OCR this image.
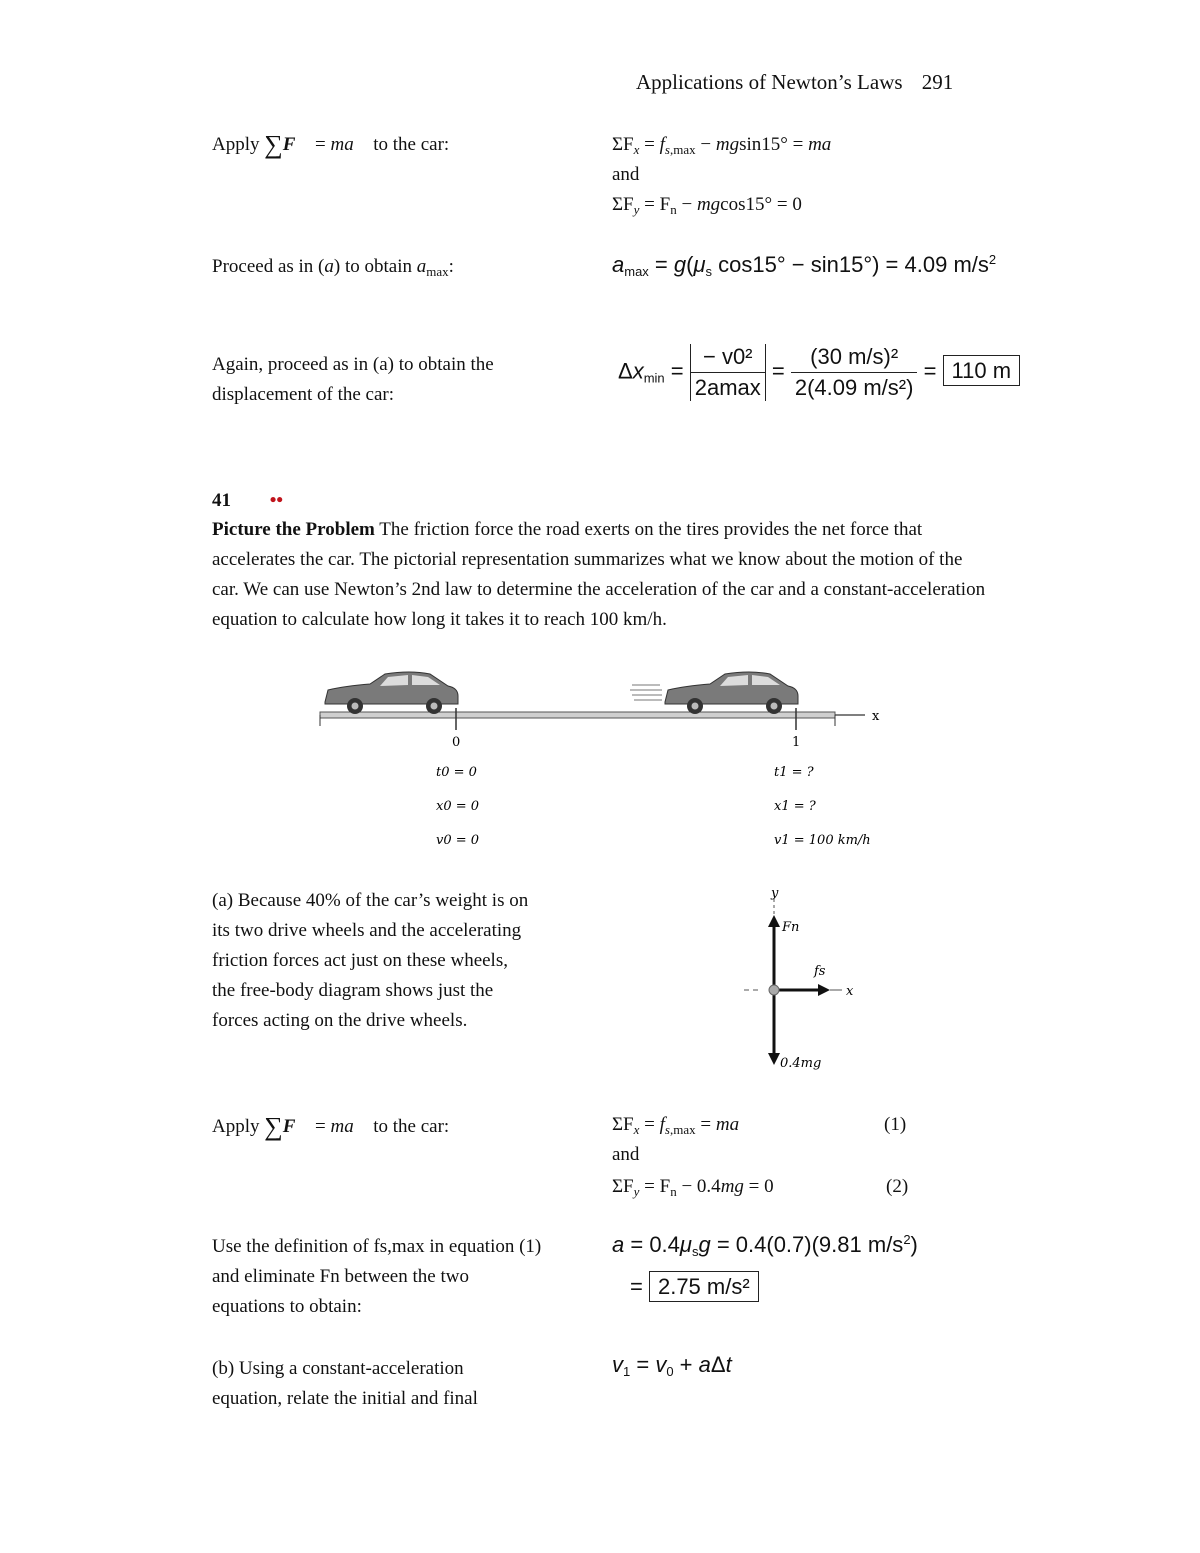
Applications of Newton’s Laws 291
Apply ∑F⃗ = ma⃗ to the car:	$\Sigma F_x = f_{s,max} - mgsin15^\circ$ = ma
and
$\Sigma F_y = F_n - mgcos15^\circ = 0$
Proceed as in (a) to obtain $a_{max}$:	$a_{max} = g(\mu_s$ cos15° − sin15°) = 4.09 $m/s^2$
Again, proceed as in (a) to obtain the
displacement of the car:
$\Delta x_{min} = \frac{\text{− v0²}}{2amax} = \frac{\text{(30 m/s)²}}{\text{2(4.09 m/s²)}} = 110$ m
41 ••
Picture the Problem The friction force the road exerts on the tires provides the net force that accelerates the car. The pictorial representation summarizes what we know about the motion of the car. We can use Newton’s 2nd law to determine the acceleration of the car and a constant-acceleration equation to calculate how long it takes it to reach 100 km/h.
x
0	1
t0 = 0
x0 = 0
v0 = 0
t1 = ?
x1 = ?
v1 = 100 km/h
(a) Because 40% of the car’s weight is on its two drive wheels and the accelerating friction forces act just on these wheels, the free-body diagram shows just the forces acting on the drive wheels.
y
x
Fn
fs
0.4mg
Apply ∑F⃗ = ma⃗ to the car:	$\Sigma F_x = f_{s,max}$ = ma	(1)
and
$\Sigma F_y = F_n - 0.4mg = 0$	(2)
Use the definition of fs,max in equation (1) and eliminate Fn between the two equations to obtain:
$a = 0.4\mu_sg = 0.4(0.7)(9.81$ $m/s^2$)
= 2.75 m/s²
(b) Using a constant-acceleration equation, relate the initial and final
$v_1 = v_0 + a\Delta t$
